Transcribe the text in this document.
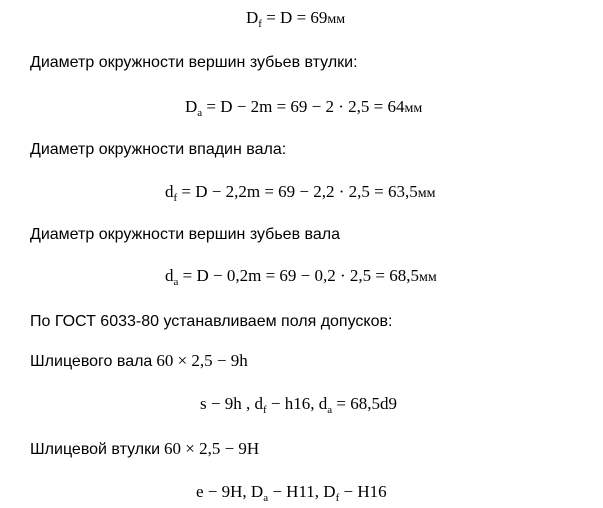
$D_f = D = 69мм$
Диаметр окружности вершин зубьев втулки:
$D_a = D - 2m = 69 - 2 \cdot 2,5 = 64мм$
Диаметр окружности впадин вала:
$d_f = D - 2,2m = 69 - 2,2 \cdot 2,5 = 63,5мм$
Диаметр окружности вершин зубьев вала
$d_a = D - 0,2m = 69 - 0,2 \cdot 2,5 = 68,5мм$
По ГОСТ 6033-80 устанавливаем поля допусков:
Шлицевого вала 60 × 2,5 − 9h
s − 9h , $d_f - h16$, $d_a = 68,5d9$
Шлицевой втулки 60 × 2,5 − 9H
e − 9H, $D_a - H11$, $D_f - H16$
